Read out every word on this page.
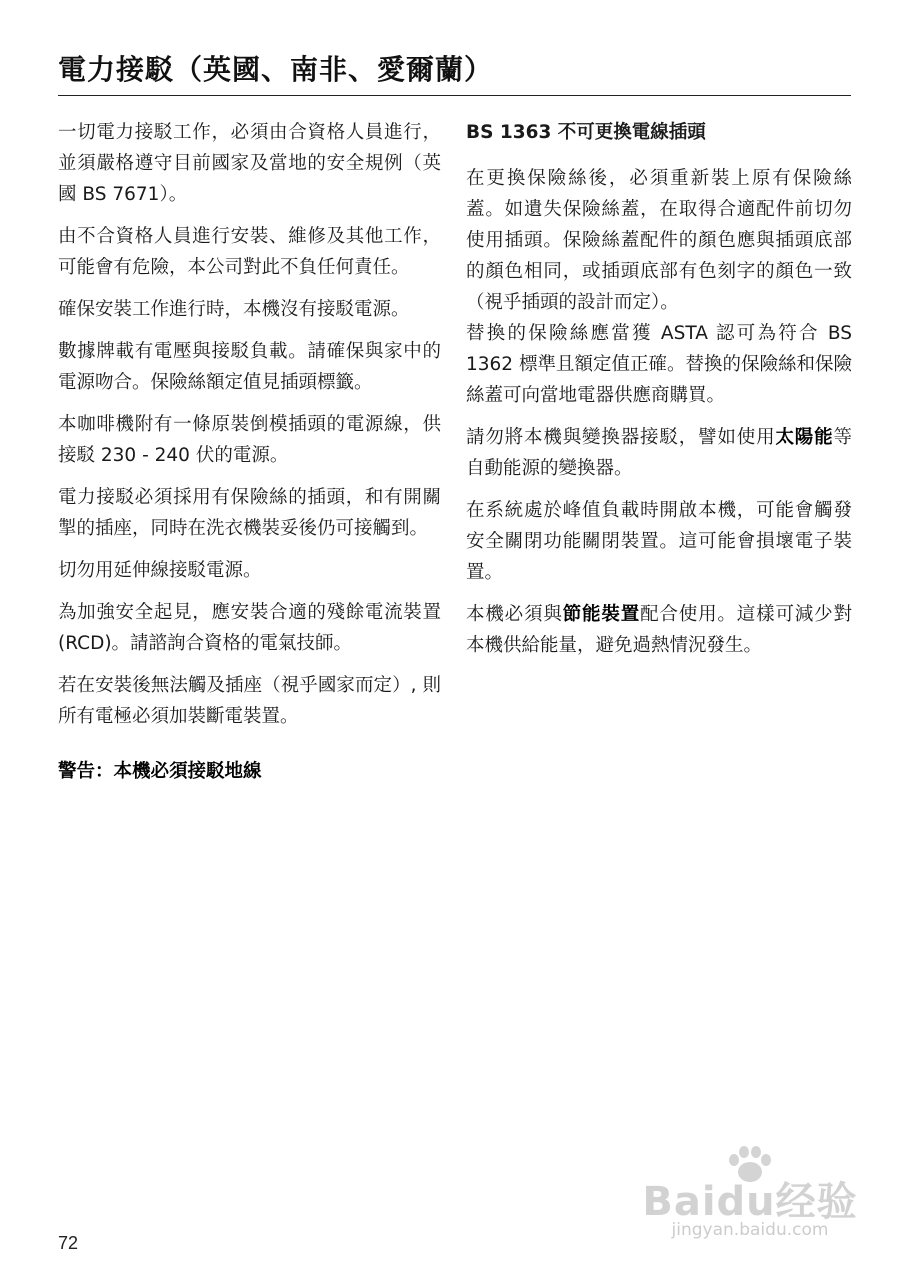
電力接駁（英國、南非、愛爾蘭）

一切電力接駁工作，必須由合資格人員進行，並須嚴格遵守目前國家及當地的安全規例（英國 BS 7671）。

由不合資格人員進行安裝、維修及其他工作，可能會有危險，本公司對此不負任何責任。

確保安裝工作進行時，本機沒有接駁電源。

數據牌載有電壓與接駁負載。請確保與家中的電源吻合。保險絲額定值見插頭標籤。

本咖啡機附有一條原裝倒模插頭的電源線，供接駁 230 - 240 伏的電源。

電力接駁必須採用有保險絲的插頭，和有開關掣的插座，同時在洗衣機裝妥後仍可接觸到。

切勿用延伸線接駁電源。

為加強安全起見，應安裝合適的殘餘電流裝置 (RCD)。請諮詢合資格的電氣技師。

若在安裝後無法觸及插座（視乎國家而定）, 則所有電極必須加裝斷電裝置。

警告：本機必須接駁地線

BS 1363 不可更換電線插頭

在更換保險絲後，必須重新裝上原有保險絲蓋。如遺失保險絲蓋，在取得合適配件前切勿使用插頭。保險絲蓋配件的顏色應與插頭底部的顏色相同，或插頭底部有色刻字的顏色一致（視乎插頭的設計而定）。

替換的保險絲應當獲 ASTA 認可為符合 BS 1362 標準且額定值正確。替換的保險絲和保險絲蓋可向當地電器供應商購買。

請勿將本機與變換器接駁，譬如使用太陽能等自動能源的變換器。

在系統處於峰值負載時開啟本機，可能會觸發安全關閉功能關閉裝置。這可能會損壞電子裝置。

本機必須與節能裝置配合使用。這樣可減少對本機供給能量，避免過熱情況發生。

72
Baidu经验
jingyan.baidu.com
